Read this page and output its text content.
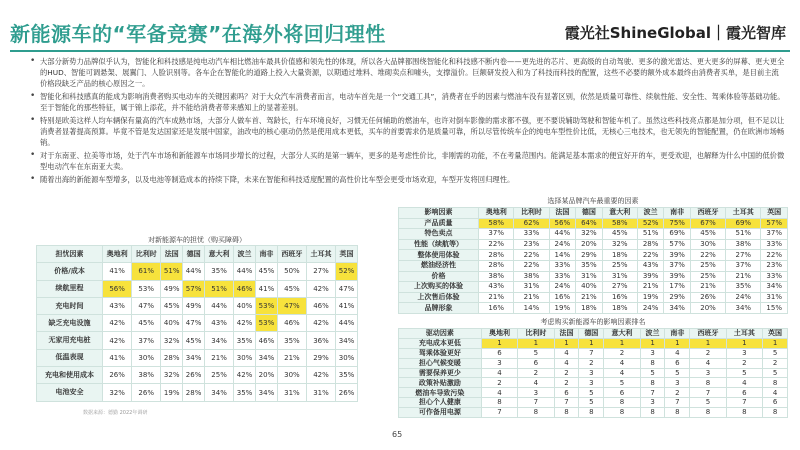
新能源车的“军备竞赛”在海外将回归理性	霞光社ShineGlobal｜霞光智库
• 大部分新势力品牌似乎认为，智能化和科技感是纯电动汽车相比燃油车最具价值感和领先性的体现，所以各大品牌都围绕智能化和科技感不断内卷——更先进的芯片、更高级的自动驾驶、更多的激光雷达、更大更多的屏幕、更大更全的HUD、智能可调悬架、展翼门、人脸识别等。各车企在智能化的道路上投入大量资源，以期通过堆料、堆砌卖点和噱头，支撑溢价。巨额研发投入和为了科技而科技的配置，这些不必要的额外成本最终由消费者买单，是目前主流价格段缺乏产品的核心原因之一。
• 智能化和科技感真的能成为影响消费者购买电动车的关键因素吗？对于大众汽车消费者而言，电动车首先是一个“交通工具”，消费者在乎的因素与燃油车没有显著区别，依然是质量可靠性、续航性能、安全性、驾乘体验等基础功能。至于智能化的那些特征，属于锦上添花，并不能给消费者带来感知上的显著差别。
• 特别是欧美这样人均车辆保有量高的汽车成熟市场，大部分人做车首、驾龄长，行车环境良好，习惯无任何辅助的燃油车，也许对倒车影像的需求都不强，更不要说辅助驾驶和智能车机了。虽然这些科技亮点都是加分项，但不足以让消费者显著提高预算。毕竟不管是发达国家还是发展中国家，油改电的核心驱动仍然是使用成本更低，买车的首要需求仍是质量可靠，所以尽管传统车企的纯电车型性价比低，无核心三电技术，也无领先的智能配置，仍在欧洲市场畅销。
• 对于东南亚、拉美等市场，处于汽车市场和新能源车市场同步增长的过程，大部分人买的是第一辆车，更多的是考虑性价比，非刚需的功能，不在考量范围内。能满足基本需求的便宜好开的车，更受欢迎，也解释为什么中国的低价微型电动汽车在东南亚大卖。
• 随着出海的新能源车型增多，以及电池等制造成本的持续下降，未来在智能和科技适度配置的高性价比车型会更受市场欢迎，车型开发将回归理性。
对新能源车的担忧（购买障碍）
担忧因素	奥地利	比利时	法国	德国	意大利	波兰	南非	西班牙	土耳其	英国
价格/成本	41%	61%	51%	44%	35%	44%	45%	50%	27%	52%
续航里程	56%	53%	49%	57%	51%	46%	41%	45%	42%	47%
充电时间	43%	47%	45%	49%	44%	40%	53%	47%	46%	41%
缺乏充电设施	42%	45%	40%	47%	43%	42%	53%	46%	42%	44%
无家用充电桩	42%	37%	32%	45%	34%	35%	46%	35%	36%	34%
低温表现	41%	30%	28%	34%	21%	30%	34%	21%	29%	30%
充电和使用成本	26%	38%	32%	26%	25%	42%	20%	30%	42%	35%
电池安全	32%	26%	19%	28%	34%	35%	34%	31%	31%	26%
数据来源：德勤 2022年调研
选择某品牌汽车最重要的因素
影响因素	奥地利	比利时	法国	德国	意大利	波兰	南非	西班牙	土耳其	英国
产品质量	58%	62%	56%	64%	58%	52%	75%	67%	69%	57%
特色卖点	37%	33%	44%	32%	45%	51%	69%	45%	51%	37%
性能（续航等）	22%	23%	24%	20%	32%	28%	57%	30%	38%	33%
整体使用体验	28%	22%	14%	29%	18%	22%	39%	22%	27%	22%
燃油经济性	28%	22%	33%	35%	25%	43%	37%	25%	37%	23%
价格	38%	38%	33%	31%	31%	39%	39%	25%	21%	33%
上次购买的体验	43%	31%	24%	40%	27%	21%	17%	21%	35%	34%
上次售后体验	21%	21%	16%	21%	16%	19%	29%	26%	24%	31%
品牌形象	16%	14%	19%	18%	18%	24%	34%	20%	34%	15%
考虑购买新能源车的影响因素排名
驱动因素	奥地利	比利时	法国	德国	意大利	波兰	南非	西班牙	土耳其	英国
充电成本更低	1	1	1	1	1	1	1	1	1	1
驾乘体验更好	6	5	4	7	2	3	4	2	3	5
担心气候变暖	3	6	4	2	4	8	6	4	2	2
需要保养更少	4	2	2	3	4	5	5	3	5	5
政策补贴激励	2	4	2	3	5	8	3	8	4	8
燃油车导致污染	4	3	6	5	6	7	2	7	6	4
担心个人健康	8	7	7	5	8	3	7	5	7	6
可作备用电源	7	8	8	8	8	8	8	8	8	8
65
